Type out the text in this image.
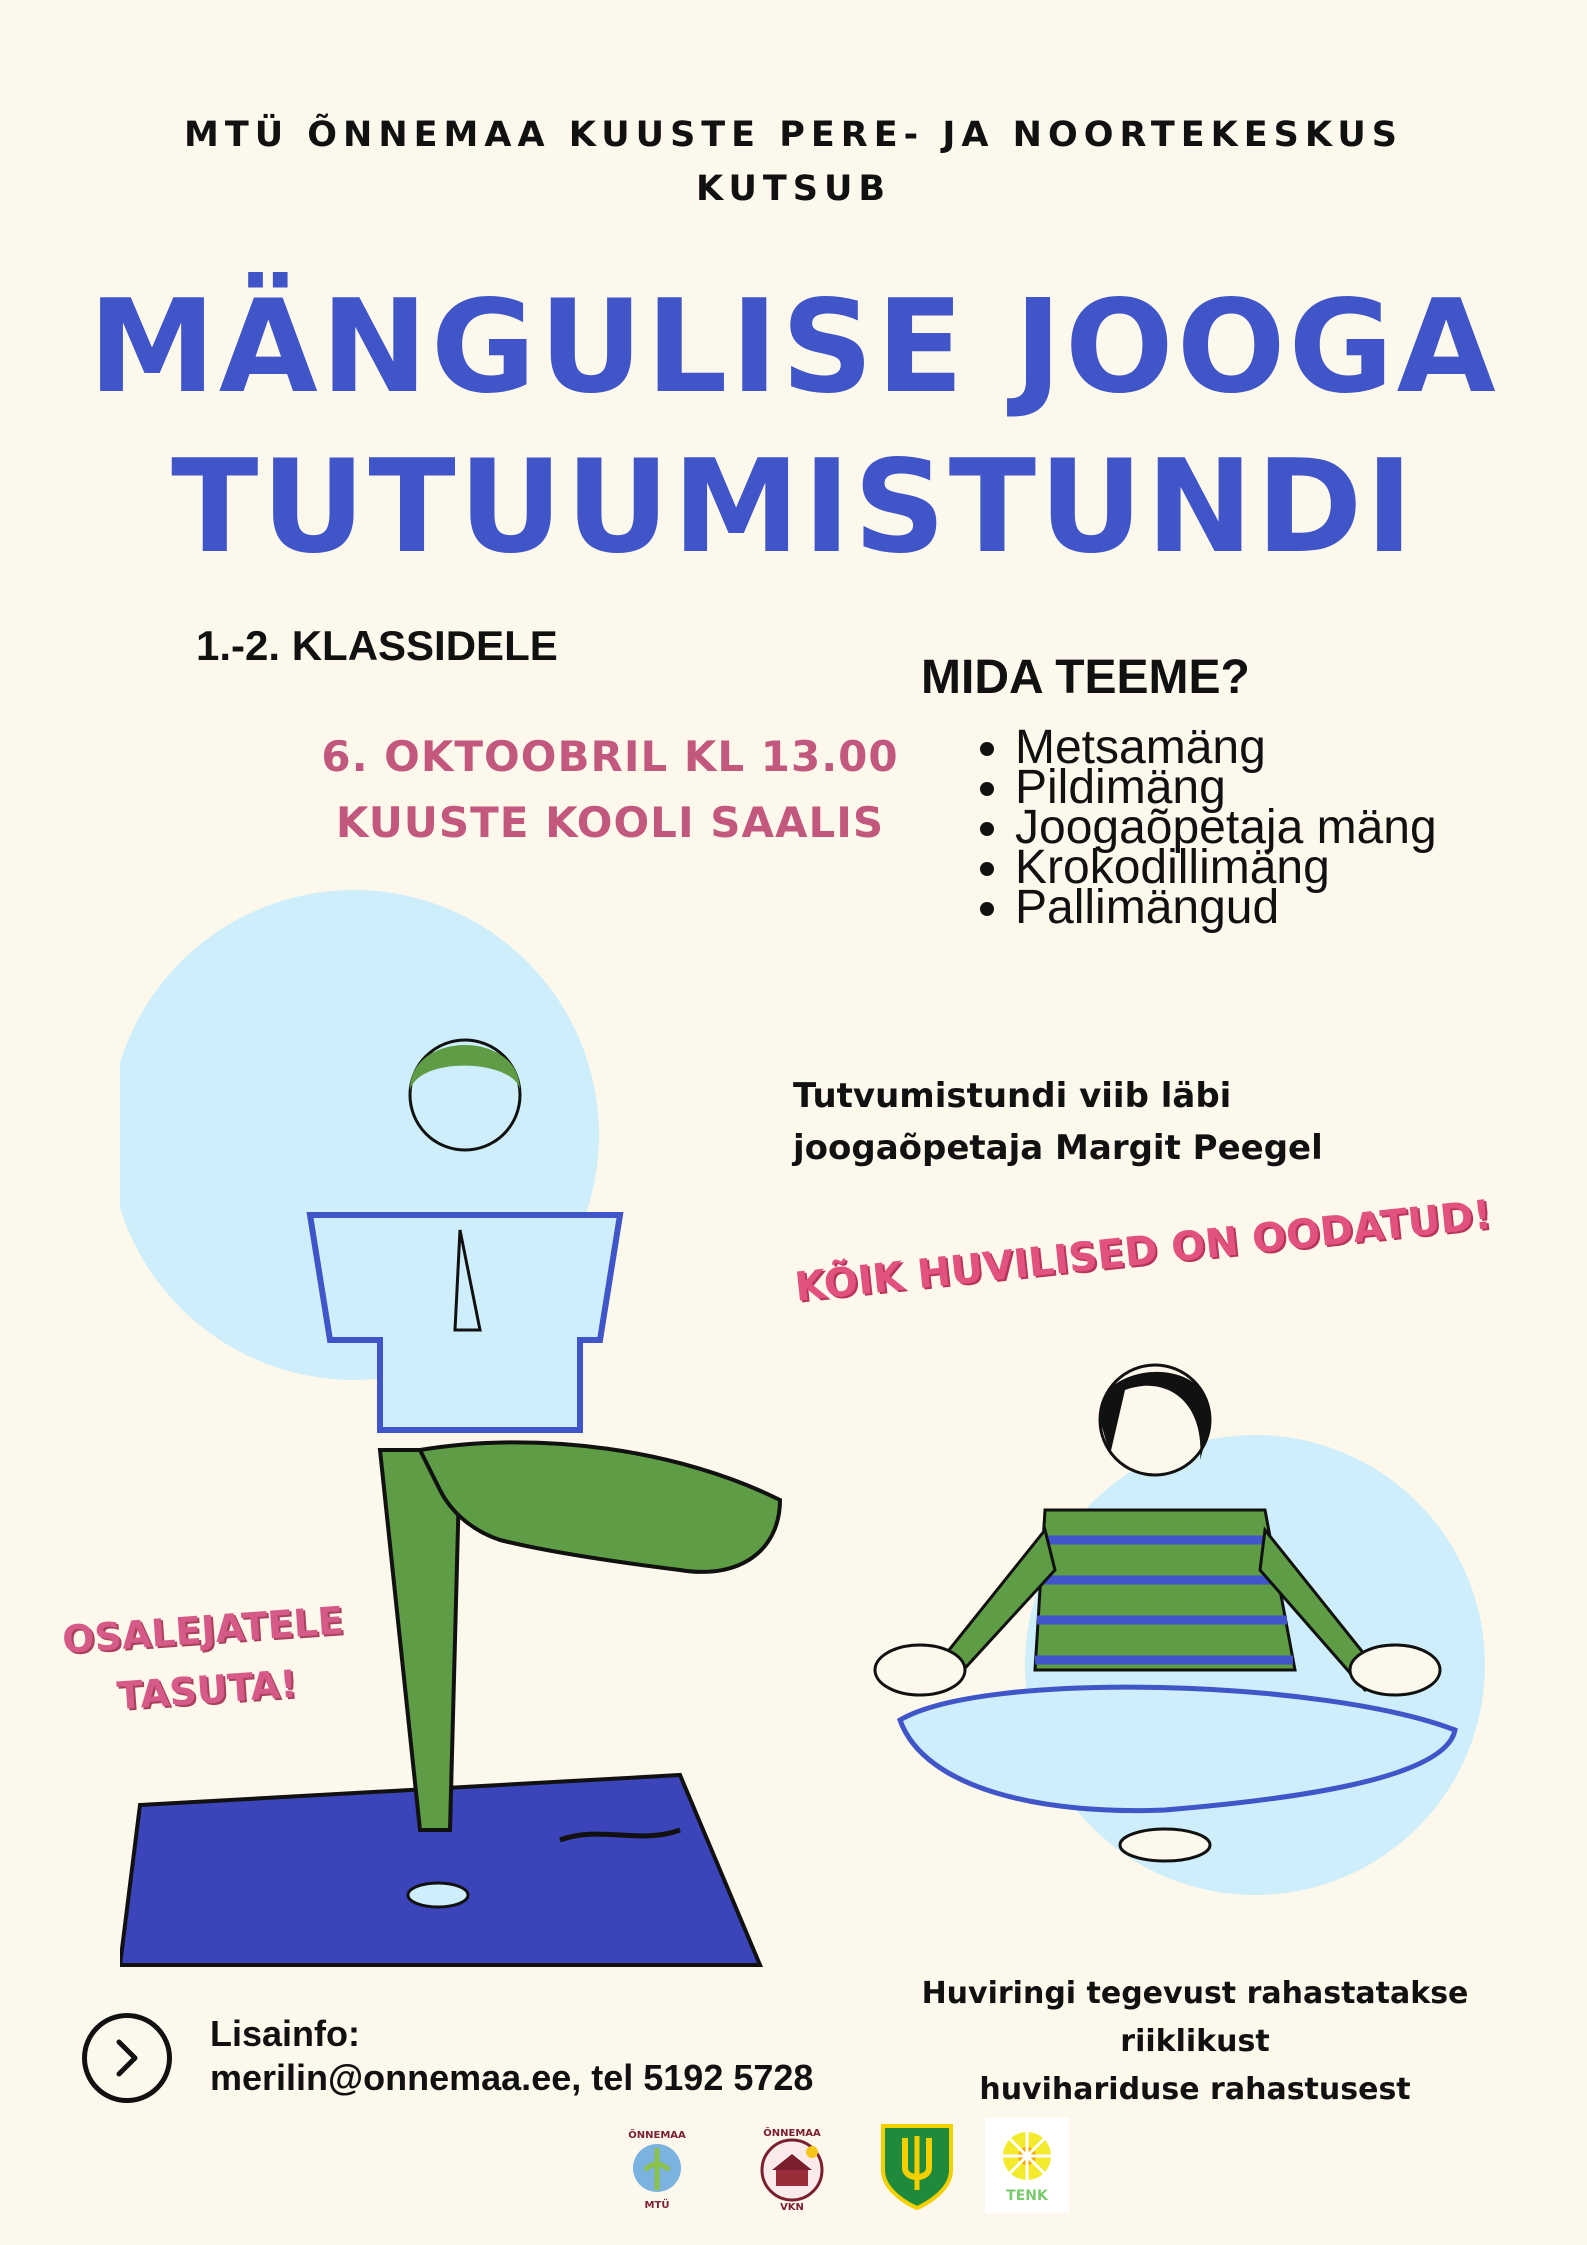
MTÜ ÕNNEMAA KUUSTE PERE- JA NOORTEKESKUS
KUTSUB
MÄNGULISE JOOGA
TUTUUMISTUNDI
1.-2. KLASSIDELE
6. OKTOOBRIL KL 13.00
KUUSTE KOOLI SAALIS
MIDA TEEME?
• Metsamäng
• Pildimäng
• Joogaõpetaja mäng
• Krokodillimäng
• Pallimängud
Tutvumistundi viib läbi
joogaõpetaja Margit Peegel
KÕIK HUVILISED ON OODATUD!
OSALEJATELE
TASUTA!
Huviringi tegevust rahastatakse riiklikust
huvihariduse rahastusest
Lisainfo:
merilin@onnemaa.ee, tel 5192 5728
ÕNNEMAA
MTÜ
ÕNNEMAA
VKN
TENK
